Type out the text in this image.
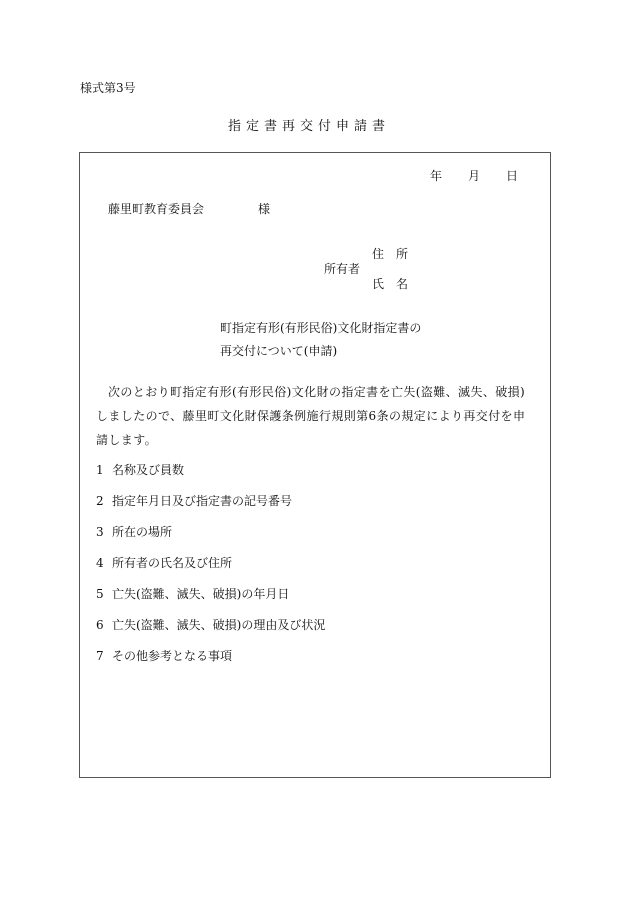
様式第3号
指定書再交付申請書
年 月 日
藤里町教育委員会	様
所有者
住所
氏名
町指定有形(有形民俗)文化財指定書の
再交付について(申請)

次のとおり町指定有形(有形民俗)文化財の指定書を亡失(盗難、滅失、破損)しましたので、藤里町文化財保護条例施行規則第6条の規定により再交付を申請します。

1 名称及び員数
2 指定年月日及び指定書の記号番号
3 所在の場所
4 所有者の氏名及び住所
5 亡失(盗難、滅失、破損)の年月日
6 亡失(盗難、滅失、破損)の理由及び状況
7 その他参考となる事項
